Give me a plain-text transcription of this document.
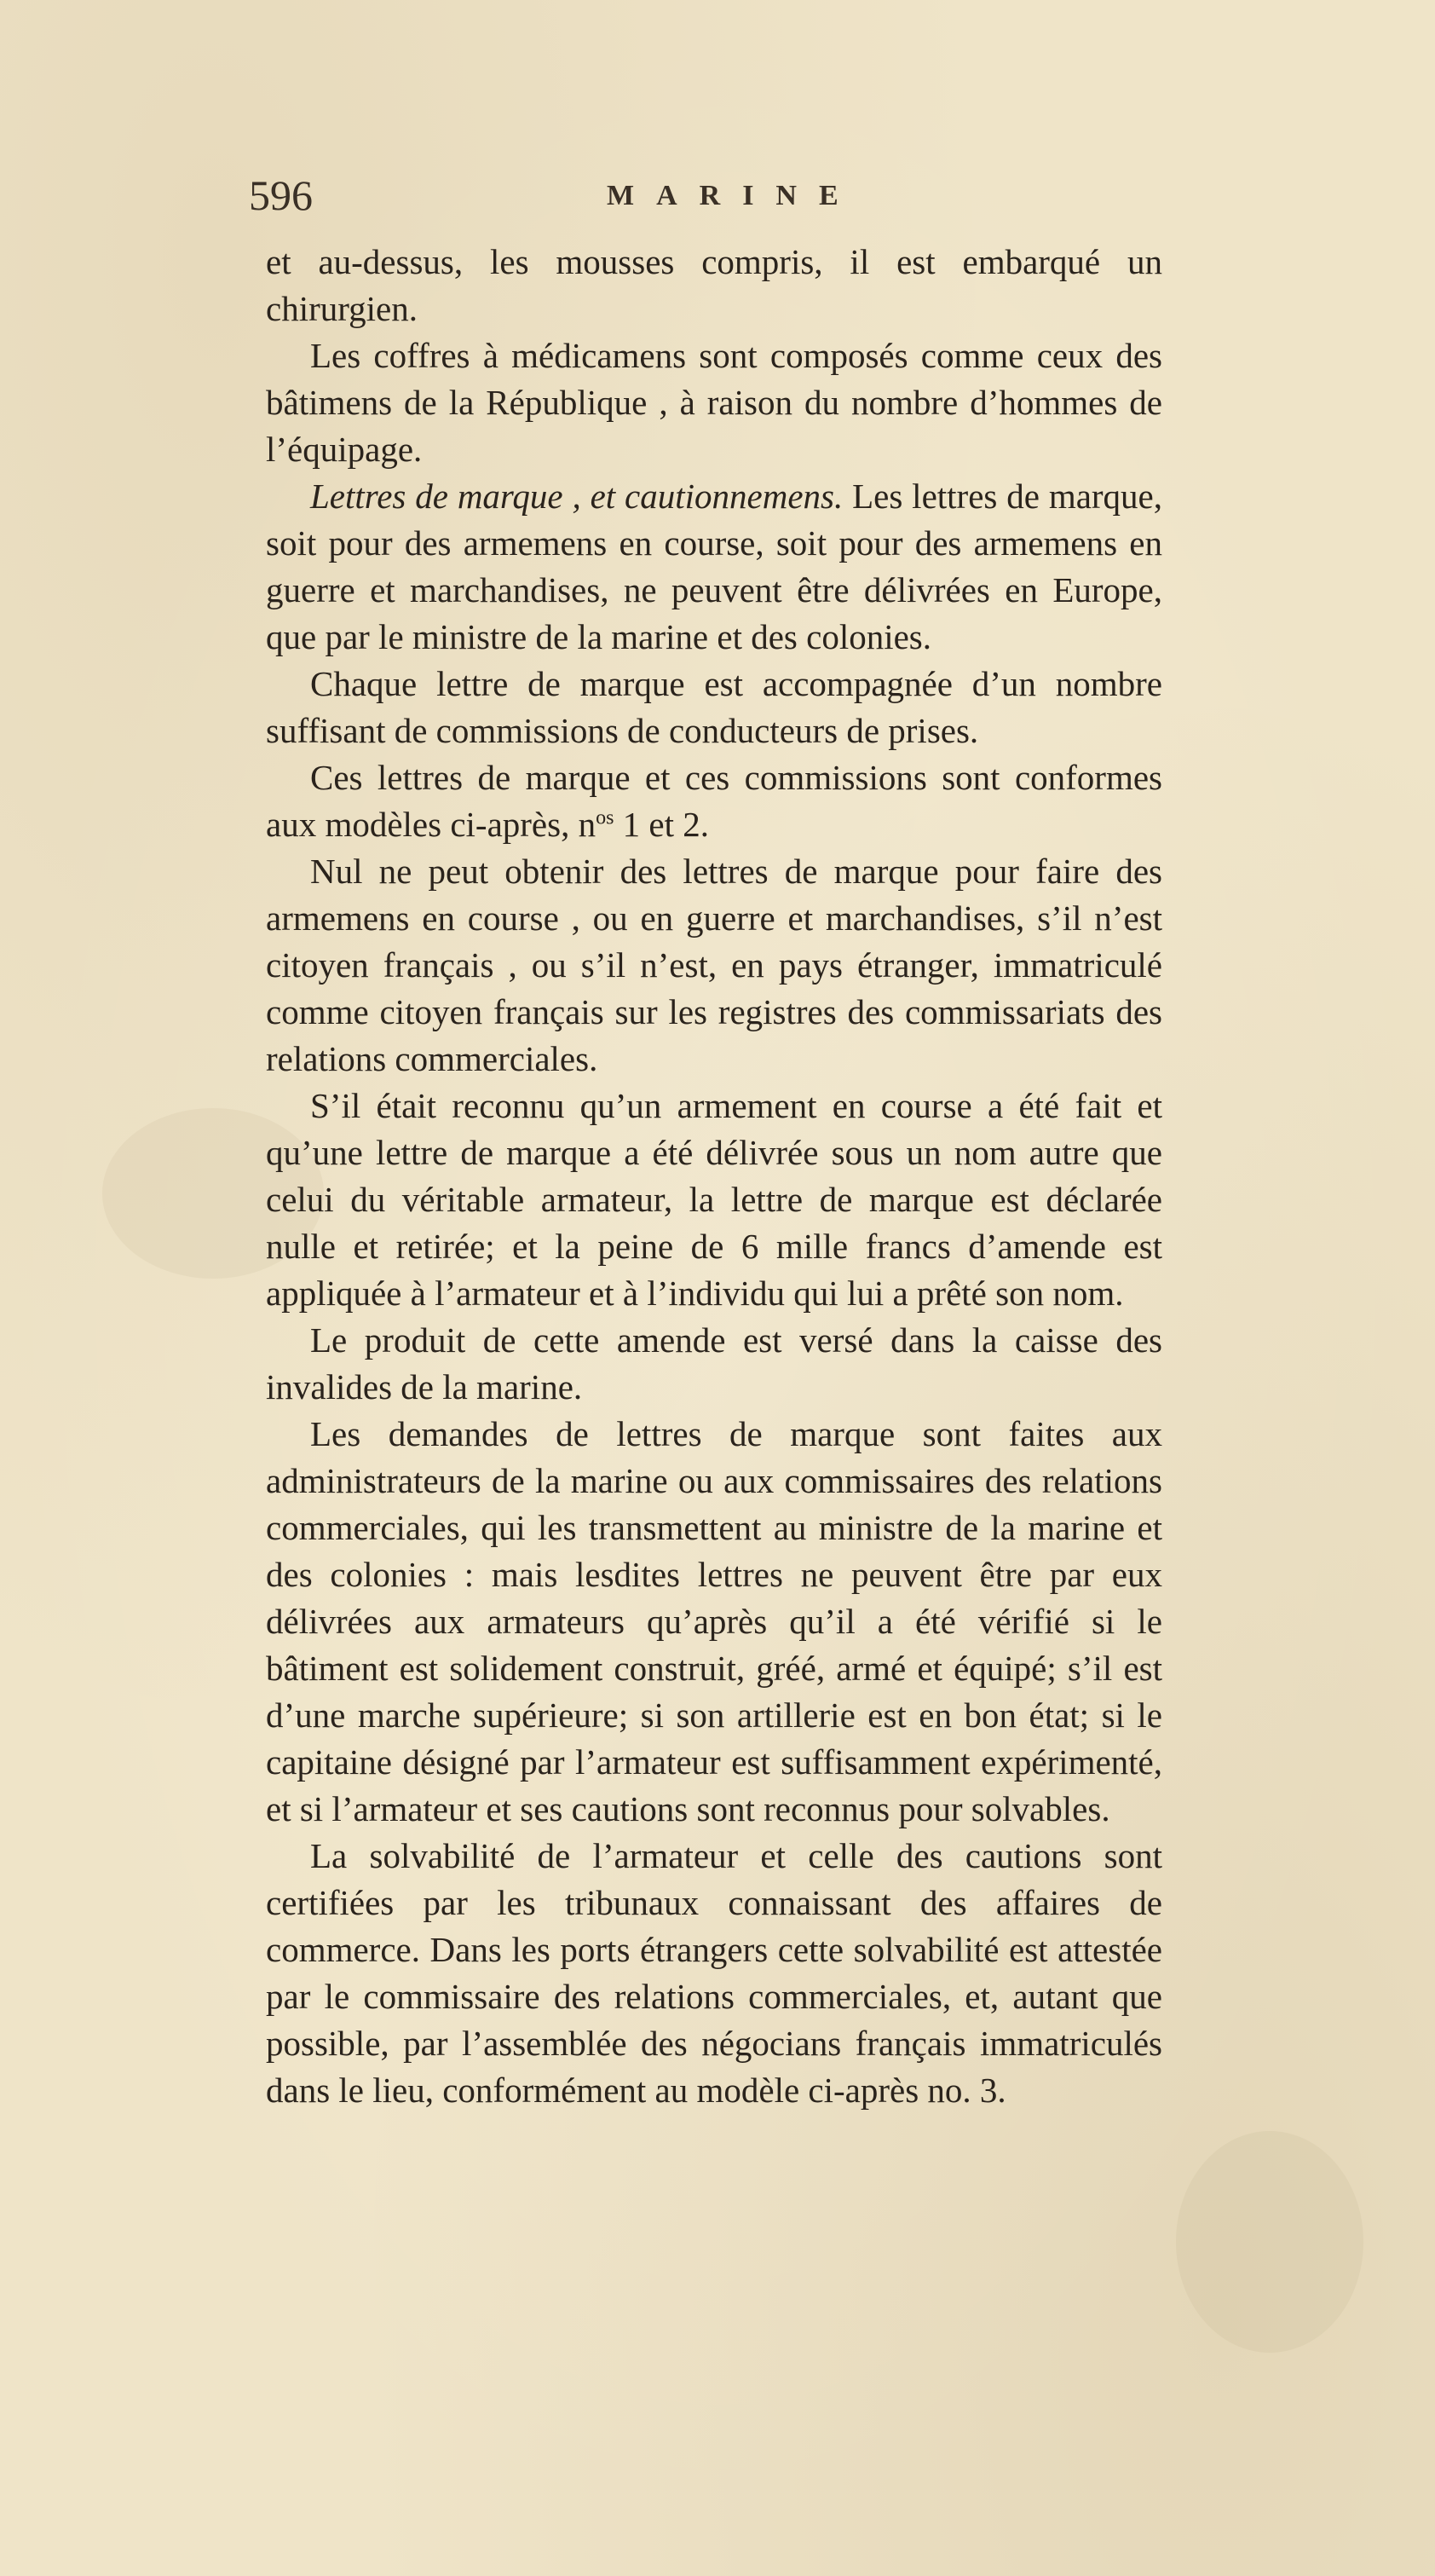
596	MARINE

et au-dessus, les mousses compris, il est embarqué un chirurgien.

Les coffres à médicamens sont composés comme ceux des bâtimens de la République , à raison du nombre d’hommes de l’équipage.

Lettres de marque , et cautionnemens. Les lettres de marque, soit pour des armemens en course, soit pour des armemens en guerre et marchandises, ne peuvent être délivrées en Europe, que par le ministre de la marine et des colonies.

Chaque lettre de marque est accompagnée d’un nombre suffisant de commissions de conducteurs de prises.

Ces lettres de marque et ces commissions sont conformes aux modèles ci-après, $n^{os}$ 1 et 2.

Nul ne peut obtenir des lettres de marque pour faire des armemens en course , ou en guerre et marchandises, s’il n’est citoyen français , ou s’il n’est, en pays étranger, immatriculé comme citoyen français sur les registres des commissariats des relations commerciales.

S’il était reconnu qu’un armement en course a été fait et qu’une lettre de marque a été délivrée sous un nom autre que celui du véritable armateur, la lettre de marque est déclarée nulle et retirée; et la peine de 6 mille francs d’amende est appliquée à l’armateur et à l’individu qui lui a prêté son nom.

Le produit de cette amende est versé dans la caisse des invalides de la marine.

Les demandes de lettres de marque sont faites aux administrateurs de la marine ou aux commissaires des relations commerciales, qui les transmettent au ministre de la marine et des colonies : mais lesdites lettres ne peuvent être par eux délivrées aux armateurs qu’après qu’il a été vérifié si le bâtiment est solidement construit, gréé, armé et équipé; s’il est d’une marche supérieure; si son artillerie est en bon état; si le capitaine désigné par l’armateur est suffisamment expérimenté, et si l’armateur et ses cautions sont reconnus pour solvables.

La solvabilité de l’armateur et celle des cautions sont certifiées par les tribunaux connaissant des affaires de commerce. Dans les ports étrangers cette solvabilité est attestée par le commissaire des relations commerciales, et, autant que possible, par l’assemblée des négocians français immatriculés dans le lieu, conformément au modèle ci-après no. 3.
